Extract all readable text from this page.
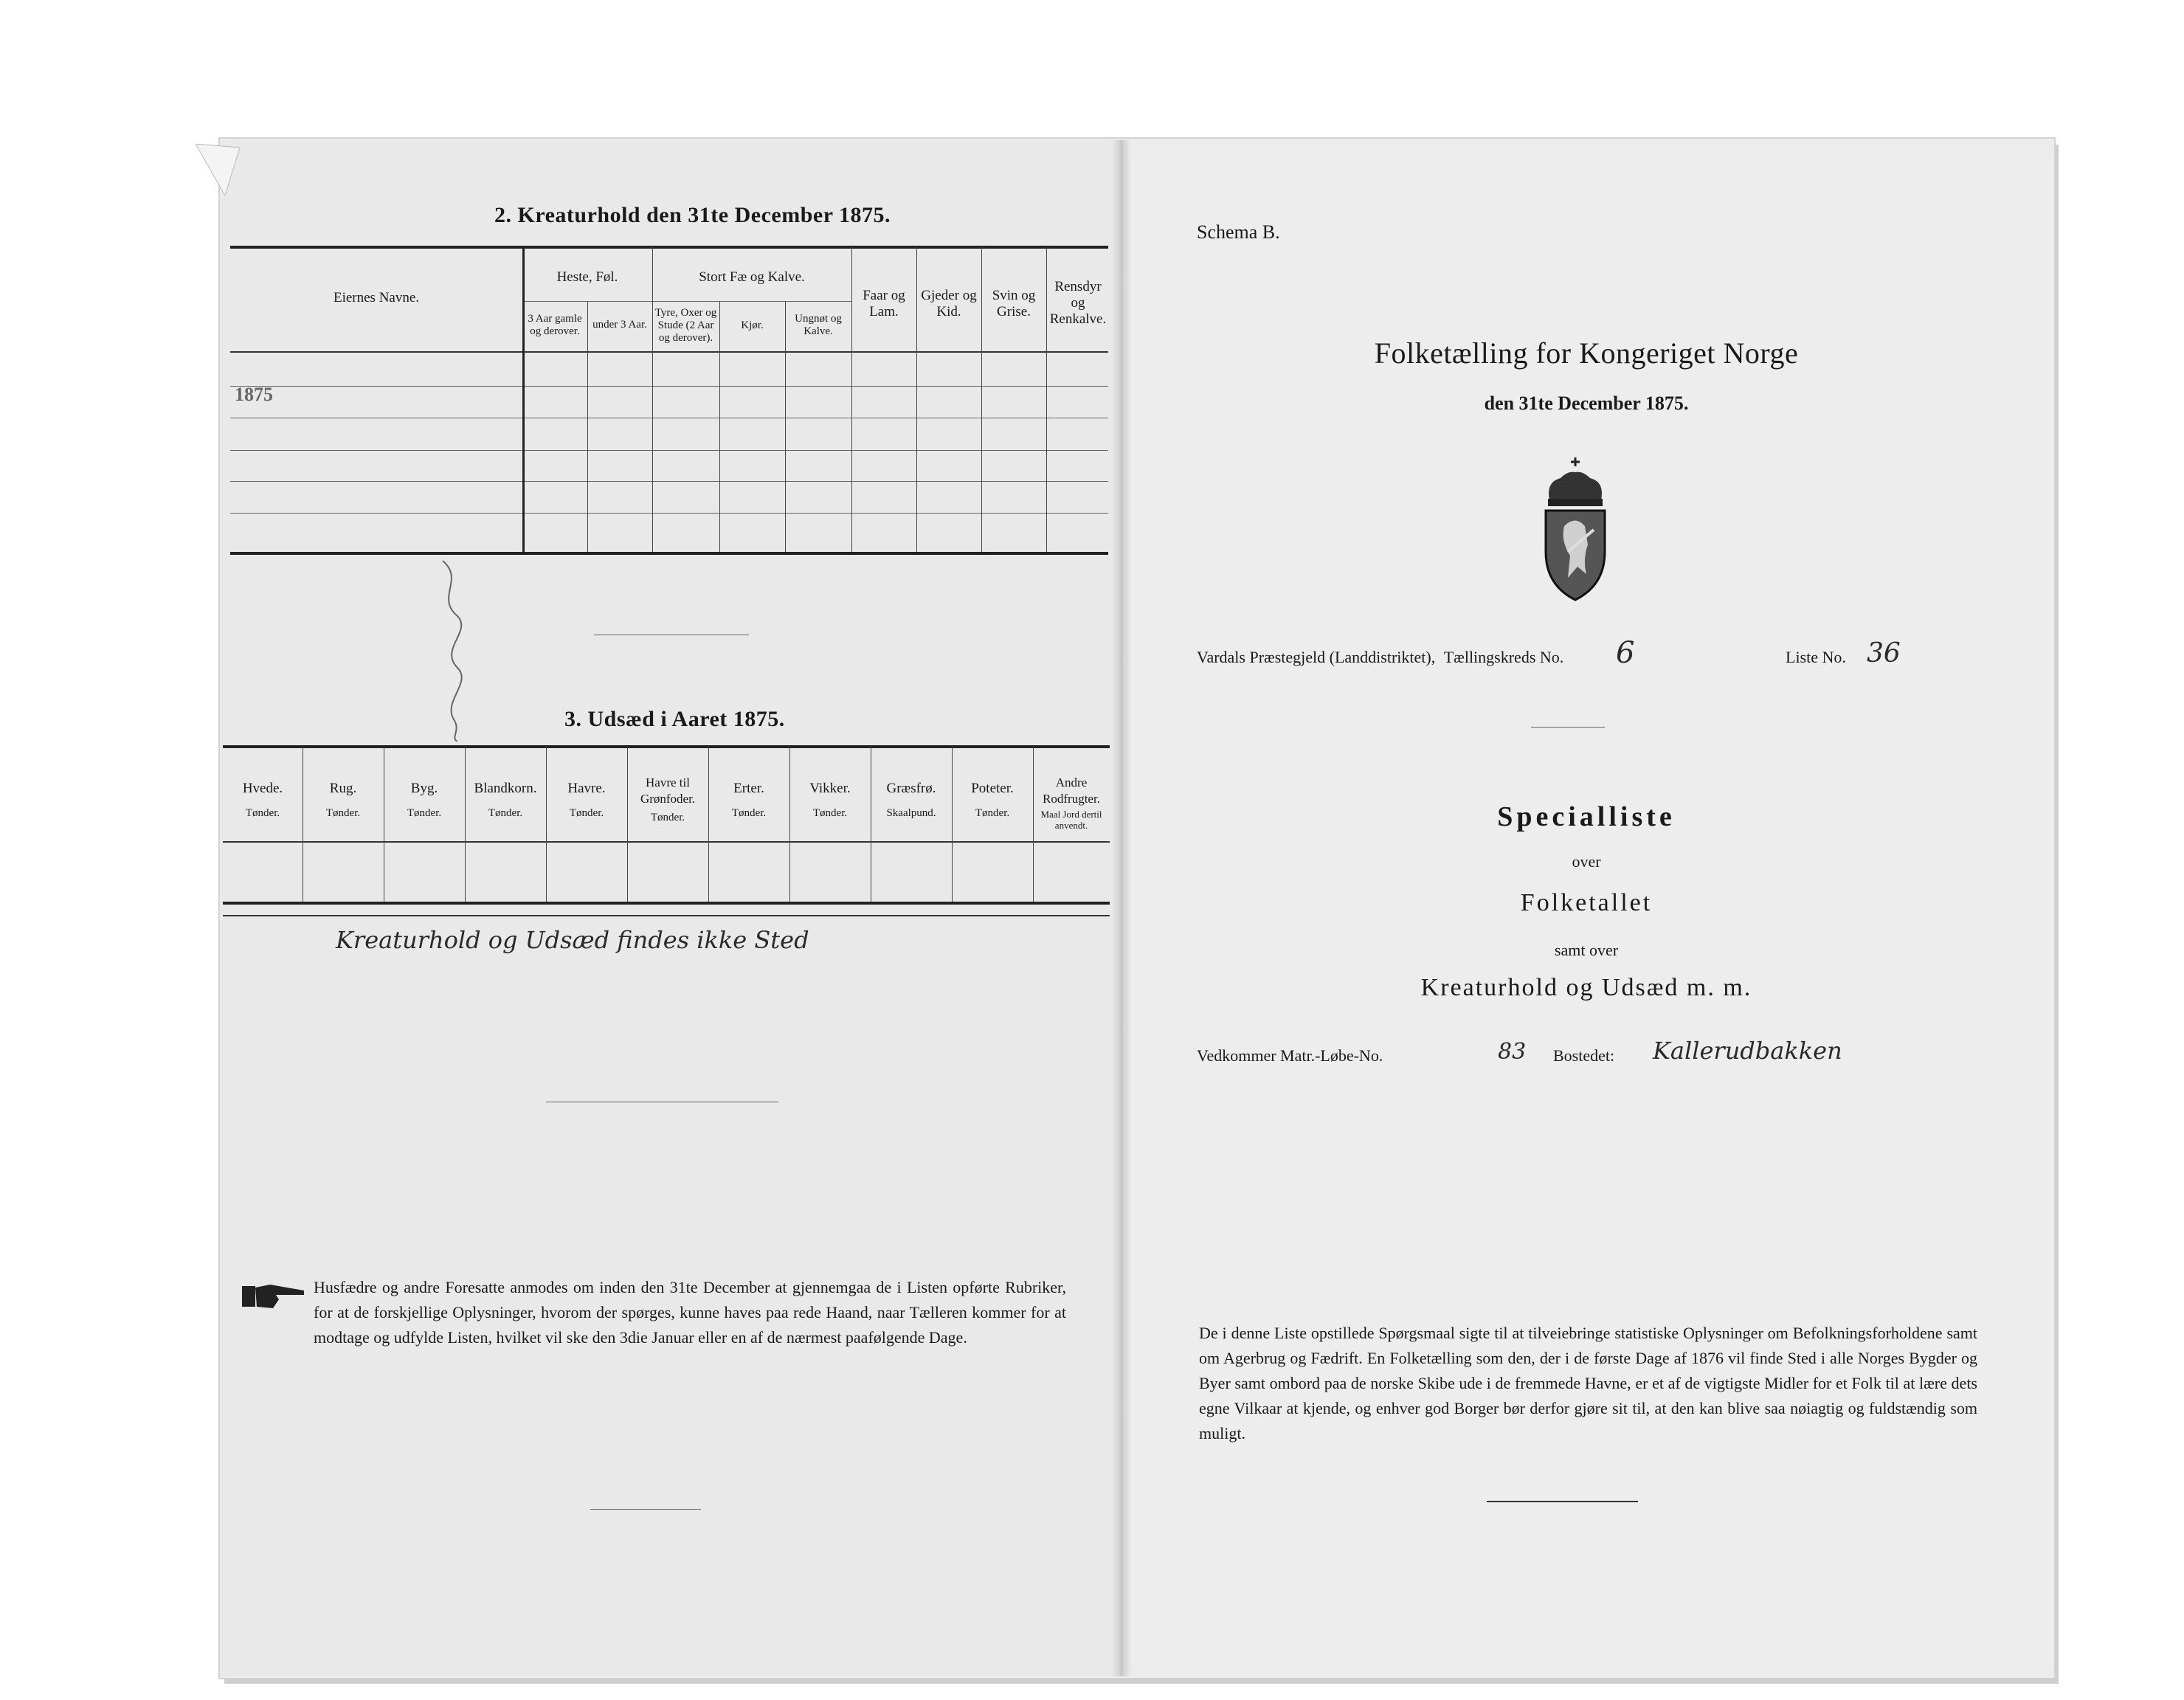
1875
2. Kreaturhold den 31te December 1875.
Eiernes Navne.
Heste, Føl.
3 Aar gamle og derover.
under 3 Aar.
Stort Fæ og Kalve.
Tyre, Oxer og Stude (2 Aar og derover).
Kjør.
Ungnøt og Kalve.
Faar og Lam.
Gjeder og Kid.
Svin og Grise.
Rensdyr og Renkalve.
3. Udsæd i Aaret 1875.
Hvede.
Tønder.
Rug.
Tønder.
Byg.
Tønder.
Blandkorn.
Tønder.
Havre.
Tønder.
Havre til Grønfoder.
Tønder.
Erter.
Tønder.
Vikker.
Tønder.
Græsfrø.
Skaalpund.
Poteter.
Tønder.
Andre Rodfrugter.
Maal Jord dertil anvendt.
Kreaturhold og Udsæd findes ikke Sted
Husfædre og andre Foresatte anmodes om inden den 31te December at gjennemgaa de i Listen opførte Rubriker, for at de forskjellige Oplysninger, hvorom der spørges, kunne haves paa rede Haand, naar Tælleren kommer for at modtage og udfylde Listen, hvilket vil ske den 3die Januar eller en af de nærmest paafølgende Dage.
Schema B.
Folketælling for Kongeriget Norge
den 31te December 1875.
Vardals Præstegjeld (Landdistriktet), Tællingskreds No. 6	Liste No. 36
Specialliste
over
Folketallet
samt over
Kreaturhold og Udsæd m. m.
Vedkommer Matr.-Løbe-No.	83 Bostedet: Kallerudbakken
De i denne Liste opstillede Spørgsmaal sigte til at tilveiebringe statistiske Oplysninger om Befolkningsforholdene samt om Agerbrug og Fædrift. En Folketælling som den, der i de første Dage af 1876 vil finde Sted i alle Norges Bygder og Byer samt ombord paa de norske Skibe ude i de fremmede Havne, er et af de vigtigste Midler for et Folk til at lære dets egne Vilkaar at kjende, og enhver god Borger bør derfor gjøre sit til, at den kan blive saa nøiagtig og fuldstændig som muligt.
